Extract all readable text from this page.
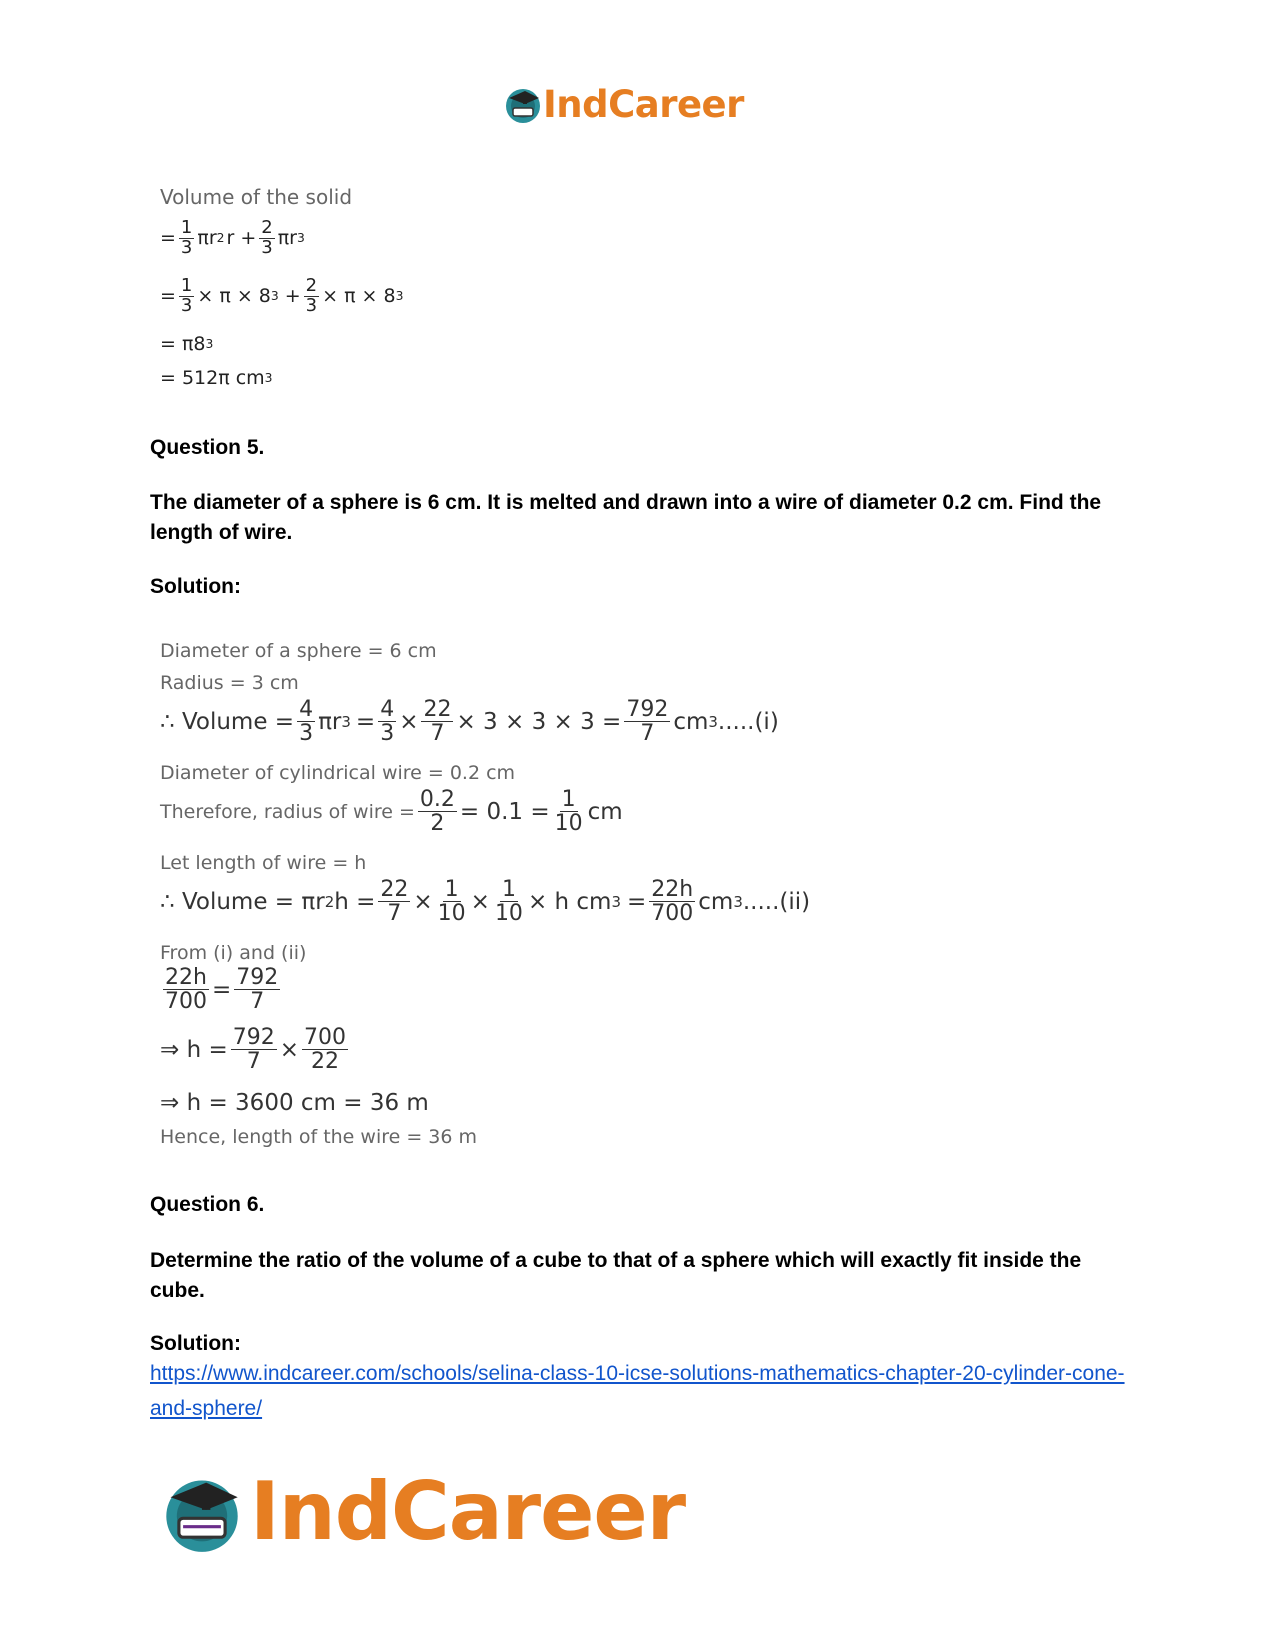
IndCareer
Volume of the solid
= $\frac{1}{3}$ πr 2 $r + \frac{2}{3}$ πr 3
= $\frac{1}{3} \times \pi \times 8$ $3 + \frac{2}{3} \times \pi \times 8$ 3
= π8 3
= 512π cm 3
Question 5.
The diameter of a sphere is 6 cm. It is melted and drawn into a wire of diameter 0.2 cm. Find the length of wire.
Solution:
Diameter of a sphere = 6 cm
Radius = 3 cm
∴ Volume = $\frac{4}{3}$ πr $3 = \frac{4}{3} \times \frac{22}{7} \times 3 \times 3 \times 3 = \frac{792}{7}$ cm 3 .....(i)
Diameter of cylindrical wire = 0.2 cm
Therefore, radius of wire = $\frac{0.2}{2} = 0.1 = \frac{1}{10}$ cm
Let length of wire = h
∴ Volume = πr 2 $h = \frac{22}{7} \times \frac{1}{10} \times \frac{1}{10} \times h$ cm $3 = \frac{22h}{700}$ cm 3 .....(ii)
From (i) and (ii)
$\frac{22h}{700} = \frac{792}{7}$
⇒ $h = \frac{792}{7} \times \frac{700}{22}$
⇒ h = 3600 cm = 36 m
Hence, length of the wire = 36 m
Question 6.
Determine the ratio of the volume of a cube to that of a sphere which will exactly fit inside the cube.
Solution:
https://www.indcareer.com/schools/selina-class-10-icse-solutions-mathematics-chapter-20-cylinder-cone-and-sphere/
IndCareer
